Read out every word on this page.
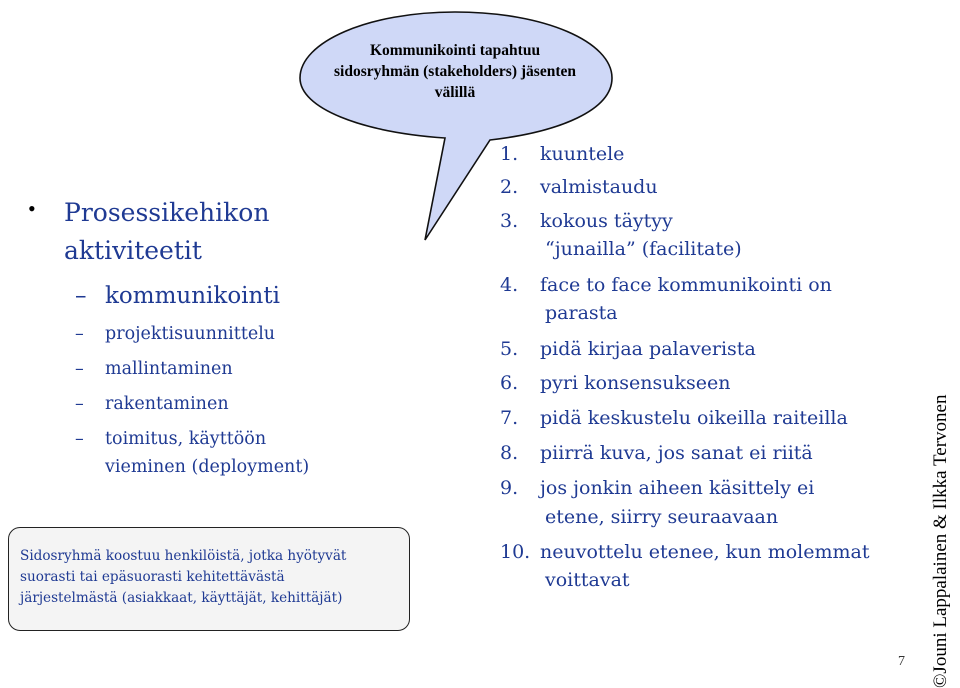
Kommunikointi tapahtuu
sidosryhmän (stakeholders) jäsenten
välillä
• Prosessikehikon
aktiviteetit
– kommunikointi
– projektisuunnittelu
– mallintaminen
– rakentaminen
– toimitus, käyttöön
vieminen (deployment)
Sidosryhmä koostuu henkilöistä, jotka hyötyvät
suorasti tai epäsuorasti kehitettävästä
järjestelmästä (asiakkaat, käyttäjät, kehittäjät)
1. kuuntele
2. valmistaudu
3. kokous täytyy
“junailla” (facilitate)
4. face to face kommunikointi on
parasta
5. pidä kirjaa palaverista
6. pyri konsensukseen
7. pidä keskustelu oikeilla raiteilla
8. piirrä kuva, jos sanat ei riitä
9. jos jonkin aiheen käsittely ei
etene, siirry seuraavaan
10. neuvottelu etenee, kun molemmat
voittavat	©Jouni Lappalainen & Ilkka Tervonen
7
